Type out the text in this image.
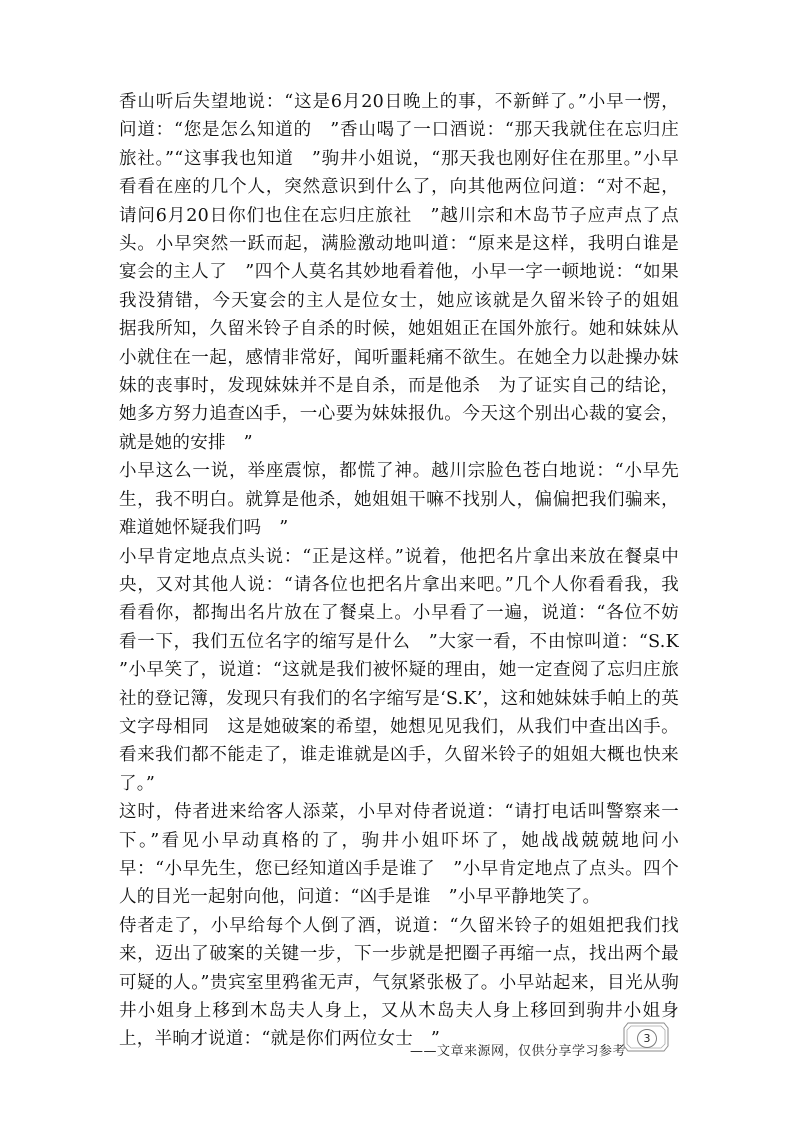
香山听后失望地说：“这是6月20日晚上的事，不新鲜了。”小早一愣，问道：“您是怎么知道的　”香山喝了一口酒说：“那天我就住在忘归庄旅社。”“这事我也知道　”驹井小姐说，“那天我也刚好住在那里。”小早看看在座的几个人，突然意识到什么了，向其他两位问道：“对不起，请问6月20日你们也住在忘归庄旅社　”越川宗和木岛节子应声点了点头。小早突然一跃而起，满脸激动地叫道：“原来是这样，我明白谁是宴会的主人了　”四个人莫名其妙地看着他，小早一字一顿地说：“如果我没猜错，今天宴会的主人是位女士，她应该就是久留米铃子的姐姐　据我所知，久留米铃子自杀的时候，她姐姐正在国外旅行。她和妹妹从小就住在一起，感情非常好，闻听噩耗痛不欲生。在她全力以赴操办妹妹的丧事时，发现妹妹并不是自杀，而是他杀　为了证实自己的结论，她多方努力追查凶手，一心要为妹妹报仇。今天这个别出心裁的宴会，就是她的安排　”

小早这么一说，举座震惊，都慌了神。越川宗脸色苍白地说：“小早先生，我不明白。就算是他杀，她姐姐干嘛不找别人，偏偏把我们骗来，难道她怀疑我们吗　”

小早肯定地点点头说：“正是这样。”说着，他把名片拿出来放在餐桌中央，又对其他人说：“请各位也把名片拿出来吧。”几个人你看看我，我看看你，都掏出名片放在了餐桌上。小早看了一遍，说道：“各位不妨看一下，我们五位名字的缩写是什么　”大家一看，不由惊叫道：“S.K　”小早笑了，说道：“这就是我们被怀疑的理由，她一定查阅了忘归庄旅社的登记簿，发现只有我们的名字缩写是‘S.K’，这和她妹妹手帕上的英文字母相同　这是她破案的希望，她想见见我们，从我们中查出凶手。看来我们都不能走了，谁走谁就是凶手，久留米铃子的姐姐大概也快来了。”

这时，侍者进来给客人添菜，小早对侍者说道：“请打电话叫警察来一下。”看见小早动真格的了，驹井小姐吓坏了，她战战兢兢地问小早：“小早先生，您已经知道凶手是谁了　”小早肯定地点了点头。四个人的目光一起射向他，问道：“凶手是谁　”小早平静地笑了。

侍者走了，小早给每个人倒了酒，说道：“久留米铃子的姐姐把我们找来，迈出了破案的关键一步，下一步就是把圈子再缩一点，找出两个最可疑的人。”贵宾室里鸦雀无声，气氛紧张极了。小早站起来，目光从驹井小姐身上移到木岛夫人身上，又从木岛夫人身上移回到驹井小姐身上，半晌才说道：“就是你们两位女士　”

——文章来源网，仅供分享学习参考
3
